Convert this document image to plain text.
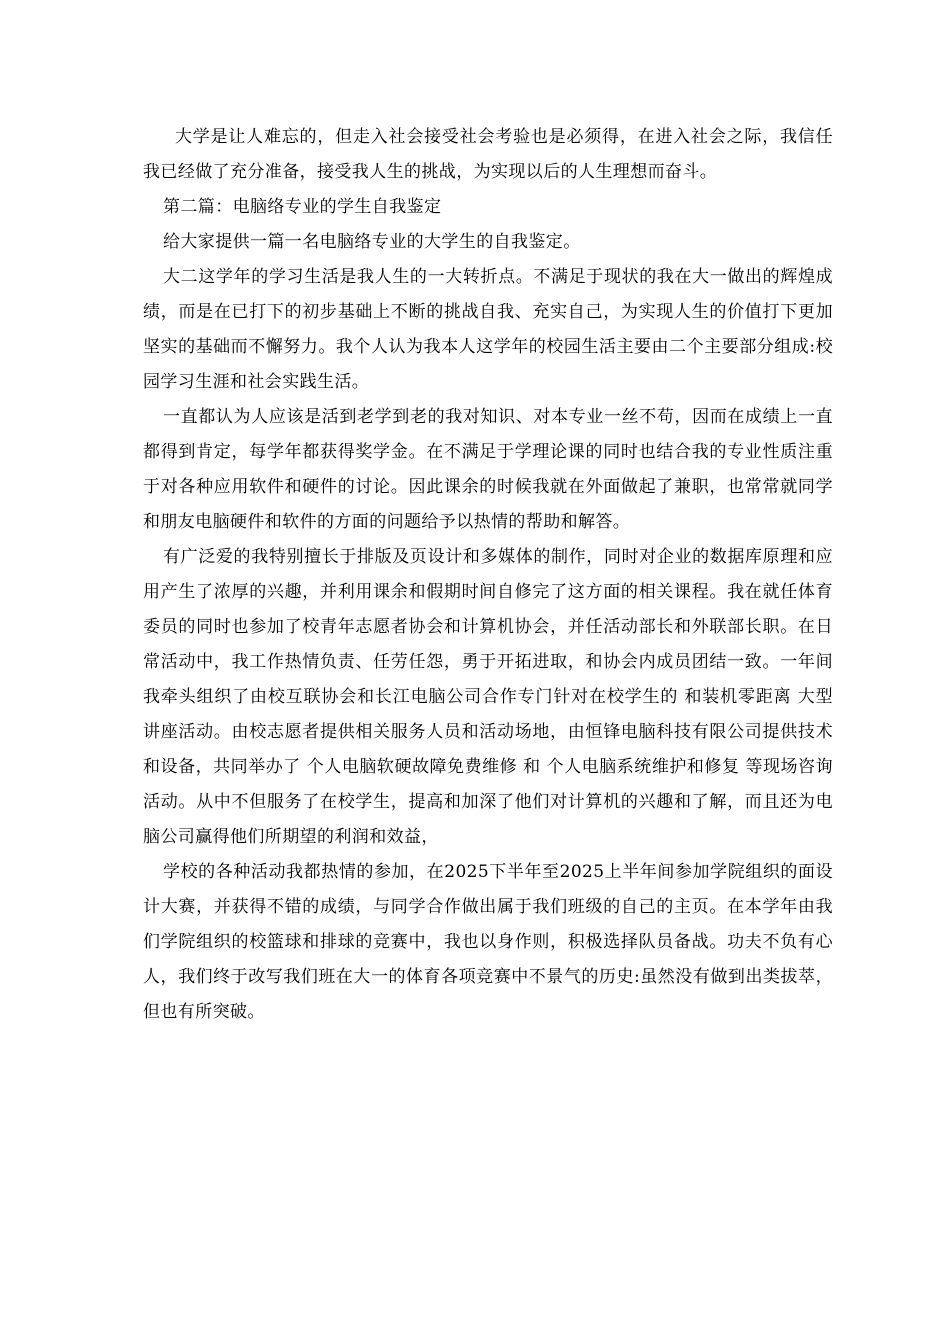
大学是让人难忘的，但走入社会接受社会考验也是必须得，在进入社会之际，我信任我已经做了充分准备，接受我人生的挑战，为实现以后的人生理想而奋斗。

第二篇：电脑络专业的学生自我鉴定

给大家提供一篇一名电脑络专业的大学生的自我鉴定。

大二这学年的学习生活是我人生的一大转折点。不满足于现状的我在大一做出的辉煌成绩，而是在已打下的初步基础上不断的挑战自我、充实自己，为实现人生的价值打下更加坚实的基础而不懈努力。我个人认为我本人这学年的校园生活主要由二个主要部分组成:校园学习生涯和社会实践生活。

一直都认为人应该是活到老学到老的我对知识、对本专业一丝不苟，因而在成绩上一直都得到肯定，每学年都获得奖学金。在不满足于学理论课的同时也结合我的专业性质注重于对各种应用软件和硬件的讨论。因此课余的时候我就在外面做起了兼职，也常常就同学和朋友电脑硬件和软件的方面的问题给予以热情的帮助和解答。

有广泛爱的我特别擅长于排版及页设计和多媒体的制作，同时对企业的数据库原理和应用产生了浓厚的兴趣，并利用课余和假期时间自修完了这方面的相关课程。我在就任体育委员的同时也参加了校青年志愿者协会和计算机协会，并任活动部长和外联部长职。在日常活动中，我工作热情负责、任劳任怨，勇于开拓进取，和协会内成员团结一致。一年间我牵头组织了由校互联协会和长江电脑公司合作专门针对在校学生的 和装机零距离 大型讲座活动。由校志愿者提供相关服务人员和活动场地，由恒锋电脑科技有限公司提供技术和设备，共同举办了 个人电脑软硬故障免费维修 和 个人电脑系统维护和修复 等现场咨询活动。从中不但服务了在校学生，提高和加深了他们对计算机的兴趣和了解，而且还为电脑公司赢得他们所期望的利润和效益，

学校的各种活动我都热情的参加，在2025下半年至2025上半年间参加学院组织的面设计大赛，并获得不错的成绩，与同学合作做出属于我们班级的自己的主页。在本学年由我们学院组织的校篮球和排球的竞赛中，我也以身作则，积极选择队员备战。功夫不负有心人，我们终于改写我们班在大一的体育各项竞赛中不景气的历史:虽然没有做到出类拔萃，但也有所突破。
